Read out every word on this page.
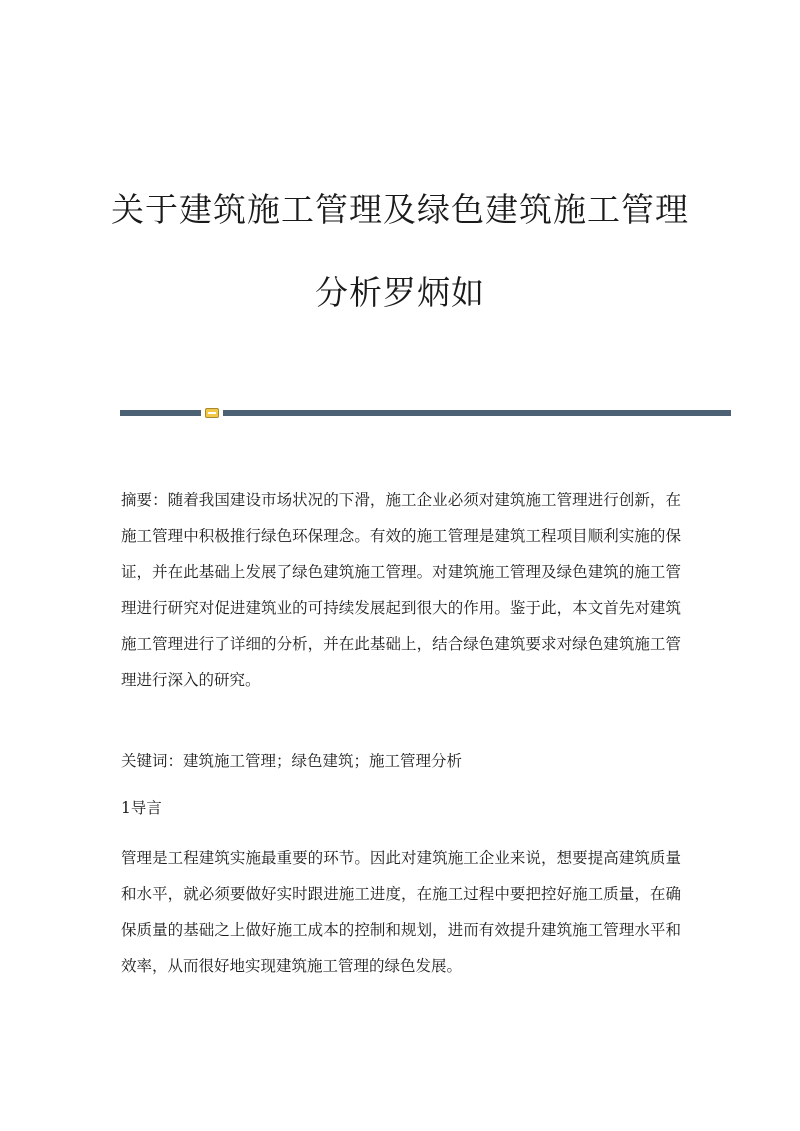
关于建筑施工管理及绿色建筑施工管理
分析罗炳如

摘要：随着我国建设市场状况的下滑，施工企业必须对建筑施工管理进行创新，在施工管理中积极推行绿色环保理念。有效的施工管理是建筑工程项目顺利实施的保证，并在此基础上发展了绿色建筑施工管理。对建筑施工管理及绿色建筑的施工管理进行研究对促进建筑业的可持续发展起到很大的作用。鉴于此，本文首先对建筑施工管理进行了详细的分析，并在此基础上，结合绿色建筑要求对绿色建筑施工管理进行深入的研究。

关键词：建筑施工管理；绿色建筑；施工管理分析

1导言

管理是工程建筑实施最重要的环节。因此对建筑施工企业来说，想要提高建筑质量和水平，就必须要做好实时跟进施工进度，在施工过程中要把控好施工质量，在确保质量的基础之上做好施工成本的控制和规划，进而有效提升建筑施工管理水平和效率，从而很好地实现建筑施工管理的绿色发展。
